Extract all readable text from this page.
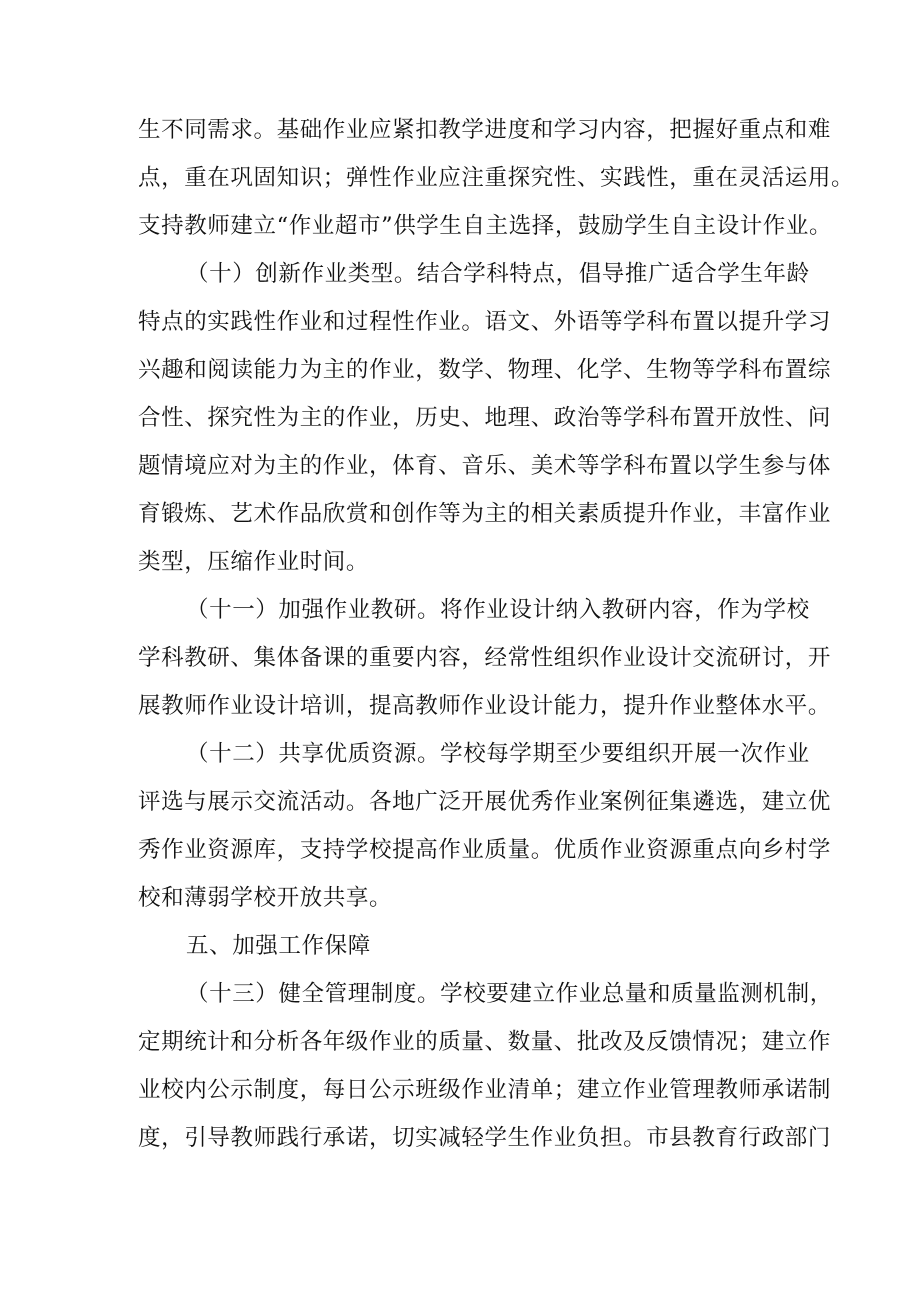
生不同需求。基础作业应紧扣教学进度和学习内容，把握好重点和难
点，重在巩固知识；弹性作业应注重探究性、实践性，重在灵活运用。
支持教师建立“作业超市”供学生自主选择，鼓励学生自主设计作业。
（十）创新作业类型。结合学科特点，倡导推广适合学生年龄
特点的实践性作业和过程性作业。语文、外语等学科布置以提升学习
兴趣和阅读能力为主的作业，数学、物理、化学、生物等学科布置综
合性、探究性为主的作业，历史、地理、政治等学科布置开放性、问
题情境应对为主的作业，体育、音乐、美术等学科布置以学生参与体
育锻炼、艺术作品欣赏和创作等为主的相关素质提升作业，丰富作业
类型，压缩作业时间。
（十一）加强作业教研。将作业设计纳入教研内容，作为学校
学科教研、集体备课的重要内容，经常性组织作业设计交流研讨，开
展教师作业设计培训，提高教师作业设计能力，提升作业整体水平。
（十二）共享优质资源。学校每学期至少要组织开展一次作业
评选与展示交流活动。各地广泛开展优秀作业案例征集遴选，建立优
秀作业资源库，支持学校提高作业质量。优质作业资源重点向乡村学
校和薄弱学校开放共享。
五、加强工作保障
（十三）健全管理制度。学校要建立作业总量和质量监测机制，
定期统计和分析各年级作业的质量、数量、批改及反馈情况；建立作
业校内公示制度，每日公示班级作业清单；建立作业管理教师承诺制
度，引导教师践行承诺，切实减轻学生作业负担。市县教育行政部门
